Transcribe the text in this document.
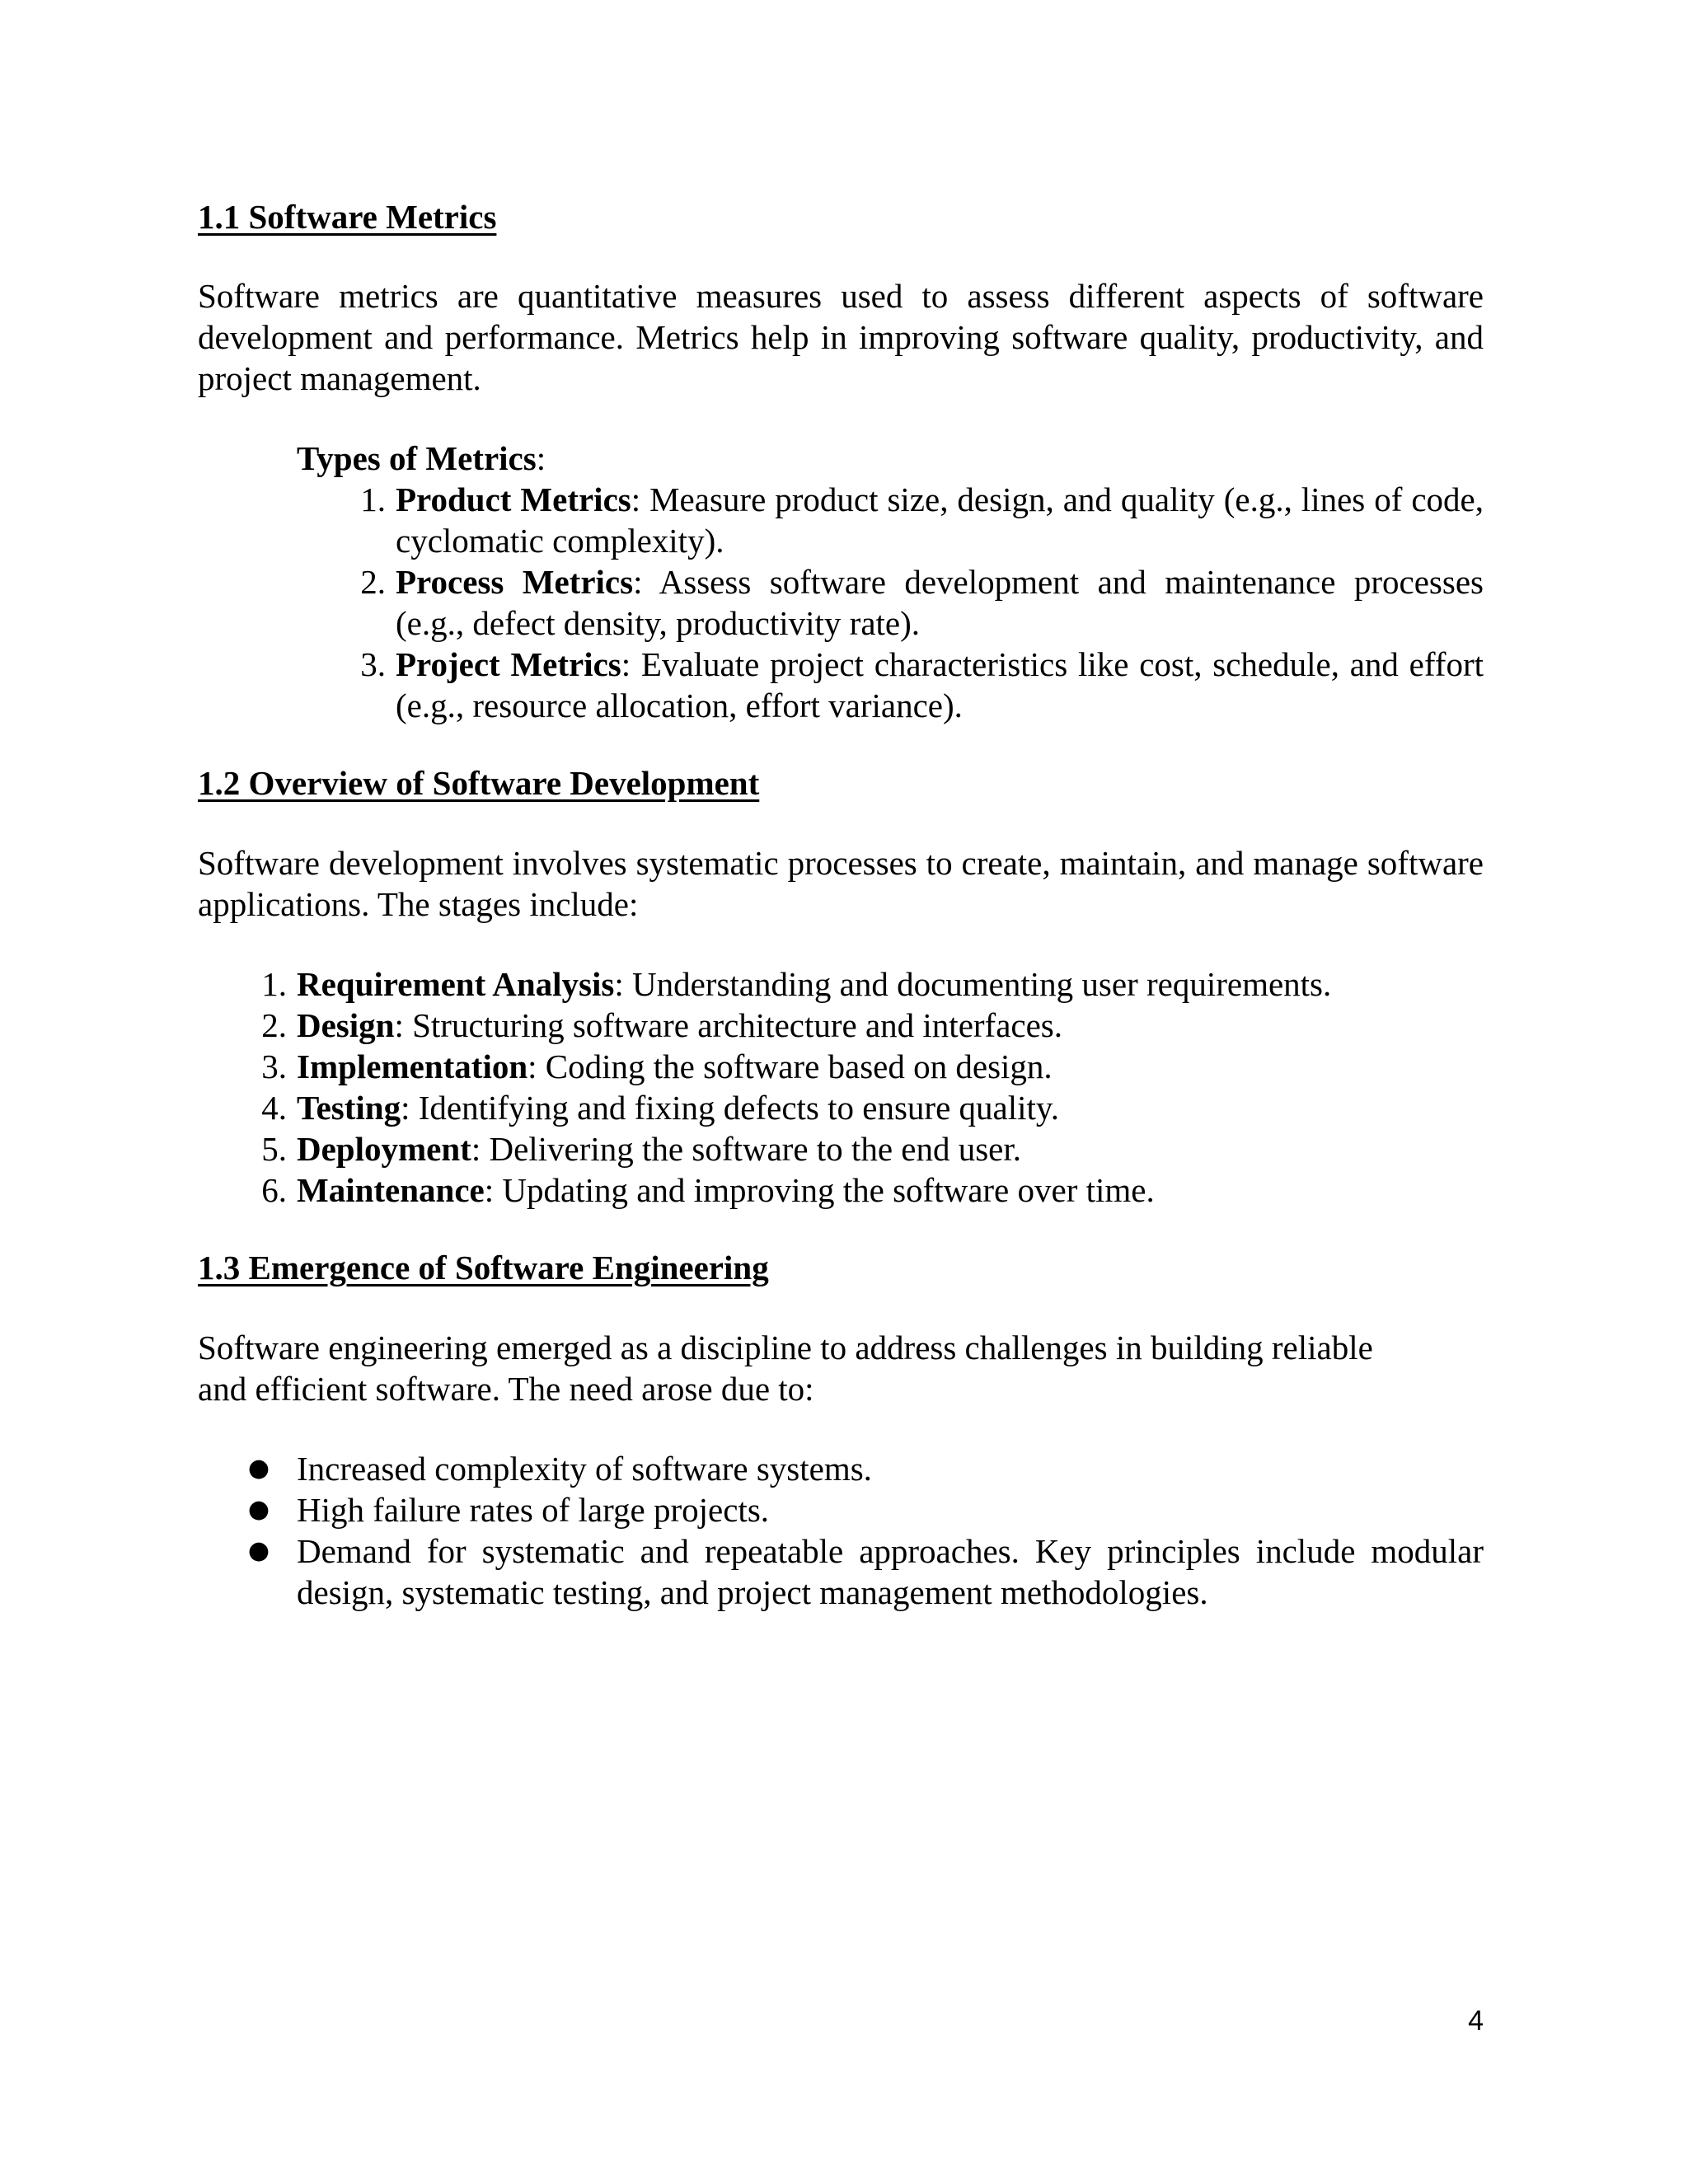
1.1 Software Metrics

Software metrics are quantitative measures used to assess different aspects of software development and performance. Metrics help in improving software quality, productivity, and project management.

Types of Metrics:

1. Product Metrics: Measure product size, design, and quality (e.g., lines of code, cyclomatic complexity).
2. Process Metrics: Assess software development and maintenance processes (e.g., defect density, productivity rate).
3. Project Metrics: Evaluate project characteristics like cost, schedule, and effort (e.g., resource allocation, effort variance).
1.2 Overview of Software Development

Software development involves systematic processes to create, maintain, and manage software applications. The stages include:

1. Requirement Analysis: Understanding and documenting user requirements.
2. Design: Structuring software architecture and interfaces.
3. Implementation: Coding the software based on design.
4. Testing: Identifying and fixing defects to ensure quality.
5. Deployment: Delivering the software to the end user.
6. Maintenance: Updating and improving the software over time.
1.3 Emergence of Software Engineering

Software engineering emerged as a discipline to address challenges in building reliable
and efficient software. The need arose due to:

● Increased complexity of software systems.
● High failure rates of large projects.
● Demand for systematic and repeatable approaches. Key principles include modular design, systematic testing, and project management methodologies.
4
